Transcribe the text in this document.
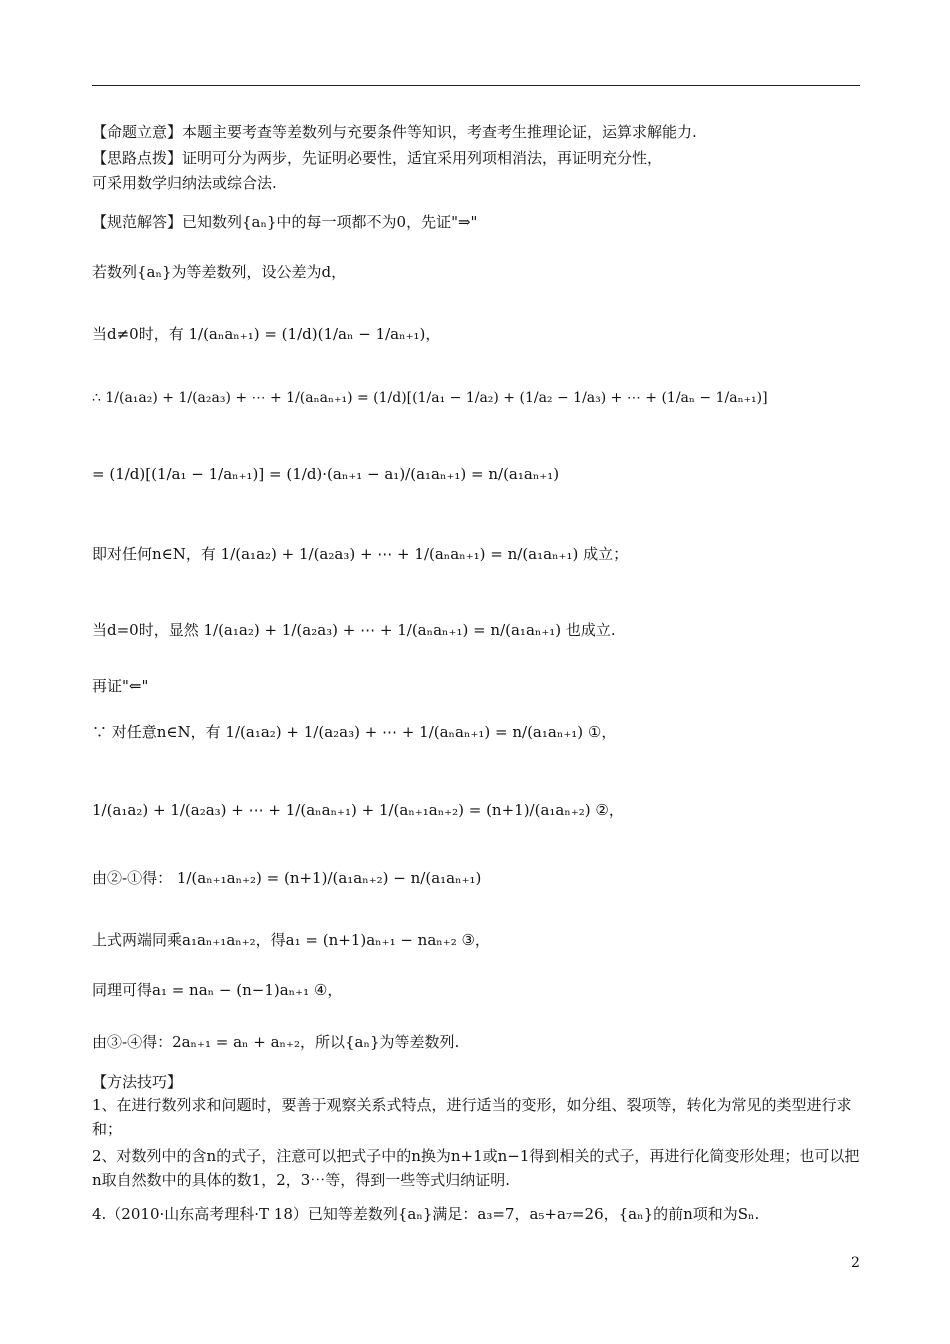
【命题立意】本题主要考查等差数列与充要条件等知识，考查考生推理论证，运算求解能力.
【思路点拨】证明可分为两步，先证明必要性，适宜采用列项相消法，再证明充分性，
可采用数学归纳法或综合法.
【规范解答】已知数列{aₙ}中的每一项都不为0，先证"⇒"
若数列{aₙ}为等差数列，设公差为d，
当d≠0时，有 1/(aₙaₙ₊₁) = (1/d)(1/aₙ − 1/aₙ₊₁)，
∴ 1/(a₁a₂) + 1/(a₂a₃) + ⋯ + 1/(aₙaₙ₊₁) = (1/d)[(1/a₁ − 1/a₂) + (1/a₂ − 1/a₃) + ⋯ + (1/aₙ − 1/aₙ₊₁)]
= (1/d)[(1/a₁ − 1/aₙ₊₁)] = (1/d)·(aₙ₊₁ − a₁)/(a₁aₙ₊₁) = n/(a₁aₙ₊₁)
即对任何n∈N，有 1/(a₁a₂) + 1/(a₂a₃) + ⋯ + 1/(aₙaₙ₊₁) = n/(a₁aₙ₊₁) 成立；
当d=0时，显然 1/(a₁a₂) + 1/(a₂a₃) + ⋯ + 1/(aₙaₙ₊₁) = n/(a₁aₙ₊₁) 也成立.
再证"⇐"
∵ 对任意n∈N，有 1/(a₁a₂) + 1/(a₂a₃) + ⋯ + 1/(aₙaₙ₊₁) = n/(a₁aₙ₊₁) ①，
1/(a₁a₂) + 1/(a₂a₃) + ⋯ + 1/(aₙaₙ₊₁) + 1/(aₙ₊₁aₙ₊₂) = (n+1)/(a₁aₙ₊₂) ②，
由②-①得： 1/(aₙ₊₁aₙ₊₂) = (n+1)/(a₁aₙ₊₂) − n/(a₁aₙ₊₁)
上式两端同乘a₁aₙ₊₁aₙ₊₂，得a₁ = (n+1)aₙ₊₁ − naₙ₊₂ ③，
同理可得a₁ = naₙ − (n−1)aₙ₊₁ ④，
由③-④得：2aₙ₊₁ = aₙ + aₙ₊₂，所以{aₙ}为等差数列.
【方法技巧】
1、在进行数列求和问题时，要善于观察关系式特点，进行适当的变形，如分组、裂项等，转化为常见的类型进行求和；
2、对数列中的含n的式子，注意可以把式子中的n换为n+1或n−1得到相关的式子，再进行化简变形处理；也可以把n取自然数中的具体的数1，2，3⋯等，得到一些等式归纳证明.
4.（2010·山东高考理科·T 18）已知等差数列{aₙ}满足：a₃=7，a₅+a₇=26，{aₙ}的前n项和为Sₙ.
2
